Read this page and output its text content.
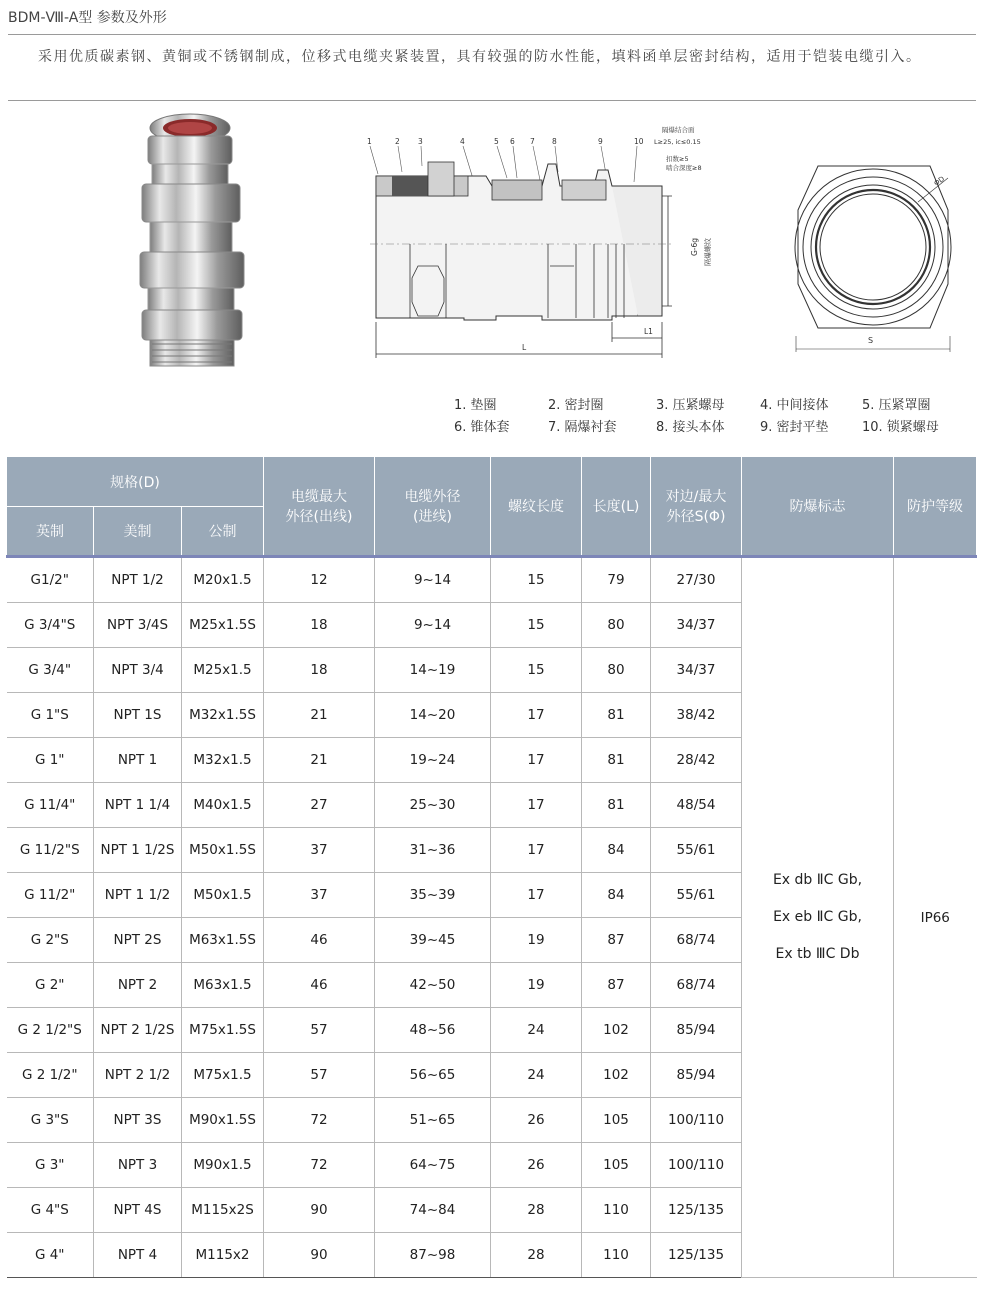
BDM-Ⅷ-A型 参数及外形
采用优质碳素钢、黄铜或不锈钢制成，位移式电缆夹紧装置，具有较强的防水性能，填料函单层密封结构，适用于铠装电缆引入。
1	2 3	4	5 6 7 8	9	10
隔爆结合面
L≥25, ic≤0.15
扣数≥5
啮合深度≥8
G-6g 隔爆螺纹
L
L1
S
ΦD
1. 垫圈	2. 密封圈	3. 压紧螺母	4. 中间接体	5. 压紧罩圈
6. 锥体套	7. 隔爆衬套	8. 接头本体	9. 密封平垫	10. 锁紧螺母
规格(D)			电缆最大
外径(出线)	电缆外径
(进线)	螺纹长度	长度(L)	对边/最大
外径S(Φ)	防爆标志	防护等级
英制	美制	公制							
G1/2"	NPT 1/2	M20x1.5	12	9~14	15	79	27/30	Ex db ⅡC Gb,
Ex eb ⅡC Gb,
Ex tb ⅢC Db	IP66
G 3/4"S	NPT 3/4S	M25x1.5S	18	9~14	15	80	34/37		
G 3/4"	NPT 3/4	M25x1.5	18	14~19	15	80	34/37		
G 1"S	NPT 1S	M32x1.5S	21	14~20	17	81	38/42		
G 1"	NPT 1	M32x1.5	21	19~24	17	81	28/42		
G 11/4"	NPT 1 1/4	M40x1.5	27	25~30	17	81	48/54		
G 11/2"S	NPT 1 1/2S	M50x1.5S	37	31~36	17	84	55/61		
G 11/2"	NPT 1 1/2	M50x1.5	37	35~39	17	84	55/61		
G 2"S	NPT 2S	M63x1.5S	46	39~45	19	87	68/74		
G 2"	NPT 2	M63x1.5	46	42~50	19	87	68/74		
G 2 1/2"S	NPT 2 1/2S	M75x1.5S	57	48~56	24	102	85/94		
G 2 1/2"	NPT 2 1/2	M75x1.5	57	56~65	24	102	85/94		
G 3"S	NPT 3S	M90x1.5S	72	51~65	26	105	100/110		
G 3"	NPT 3	M90x1.5	72	64~75	26	105	100/110		
G 4"S	NPT 4S	M115x2S	90	74~84	28	110	125/135		
G 4"	NPT 4	M115x2	90	87~98	28	110	125/135		
